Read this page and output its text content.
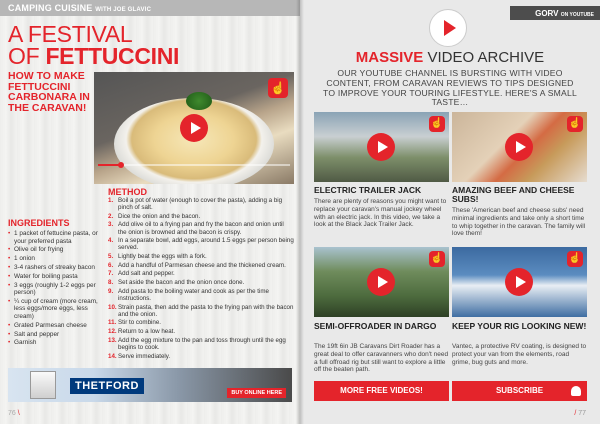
CAMPING CUISINE WITH JOE GLAVIC
A FESTIVAL
OF FETTUCCINI
HOW TO MAKE FETTUCCINI CARBONARA IN THE CARAVAN!
☝
INGREDIENTS
• 1 packet of fettucine pasta, or your preferred pasta
• Olive oil for frying
• 1 onion
• 3-4 rashers of streaky bacon
• Water for boiling pasta
• 3 eggs (roughly 1-2 eggs per person)
• ¼ cup of cream (more cream, less eggs/more eggs, less cream)
• Grated Parmesan cheese
• Salt and pepper
• Garnish
METHOD
1. Boil a pot of water (enough to cover the pasta), adding a big pinch of salt.
2. Dice the onion and the bacon.
3. Add olive oil to a frying pan and fry the bacon and onion until the onion is browned and the bacon is crispy.
4. In a separate bowl, add eggs, around 1.5 eggs per person being served.
5. Lightly beat the eggs with a fork.
6. Add a handful of Parmesan cheese and the thickened cream.
7. Add salt and pepper.
8. Set aside the bacon and the onion once done.
9. Add pasta to the boiling water and cook as per the time instructions.
10. Strain pasta, then add the pasta to the frying pan with the bacon and the onion.
11. Stir to combine.
12. Return to a low heat.
13. Add the egg mixture to the pan and toss through until the egg begins to cook.
14. Serve immediately.
THETFORD
BUY ONLINE HERE
76 \
GORV ON YOUTUBE
MASSIVE VIDEO ARCHIVE
OUR YOUTUBE CHANNEL IS BURSTING WITH VIDEO CONTENT, FROM CARAVAN REVIEWS TO TIPS DESIGNED TO IMPROVE YOUR TOURING LIFESTYLE. HERE'S A SMALL TASTE…
☝
ELECTRIC TRAILER JACK
There are plenty of reasons you might want to replace your caravan's manual jockey wheel with an electric jack. In this video, we take a look at the Black Jack Trailer Jack.
☝
AMAZING BEEF AND CHEESE SUBS!
These 'American beef and cheese subs' need minimal ingredients and take only a short time to whip together in the caravan. The family will love them!
☝
SEMI-OFFROADER IN DARGO
The 19ft 6in JB Caravans Dirt Roader has a great deal to offer caravanners who don't need a full offroad rig but still want to explore a little off the beaten path.
☝
KEEP YOUR RIG LOOKING NEW!
Vantec, a protective RV coating, is designed to protect your van from the elements, road grime, bug guts and more.
MORE FREE VIDEOS!	SUBSCRIBE
/ 77
